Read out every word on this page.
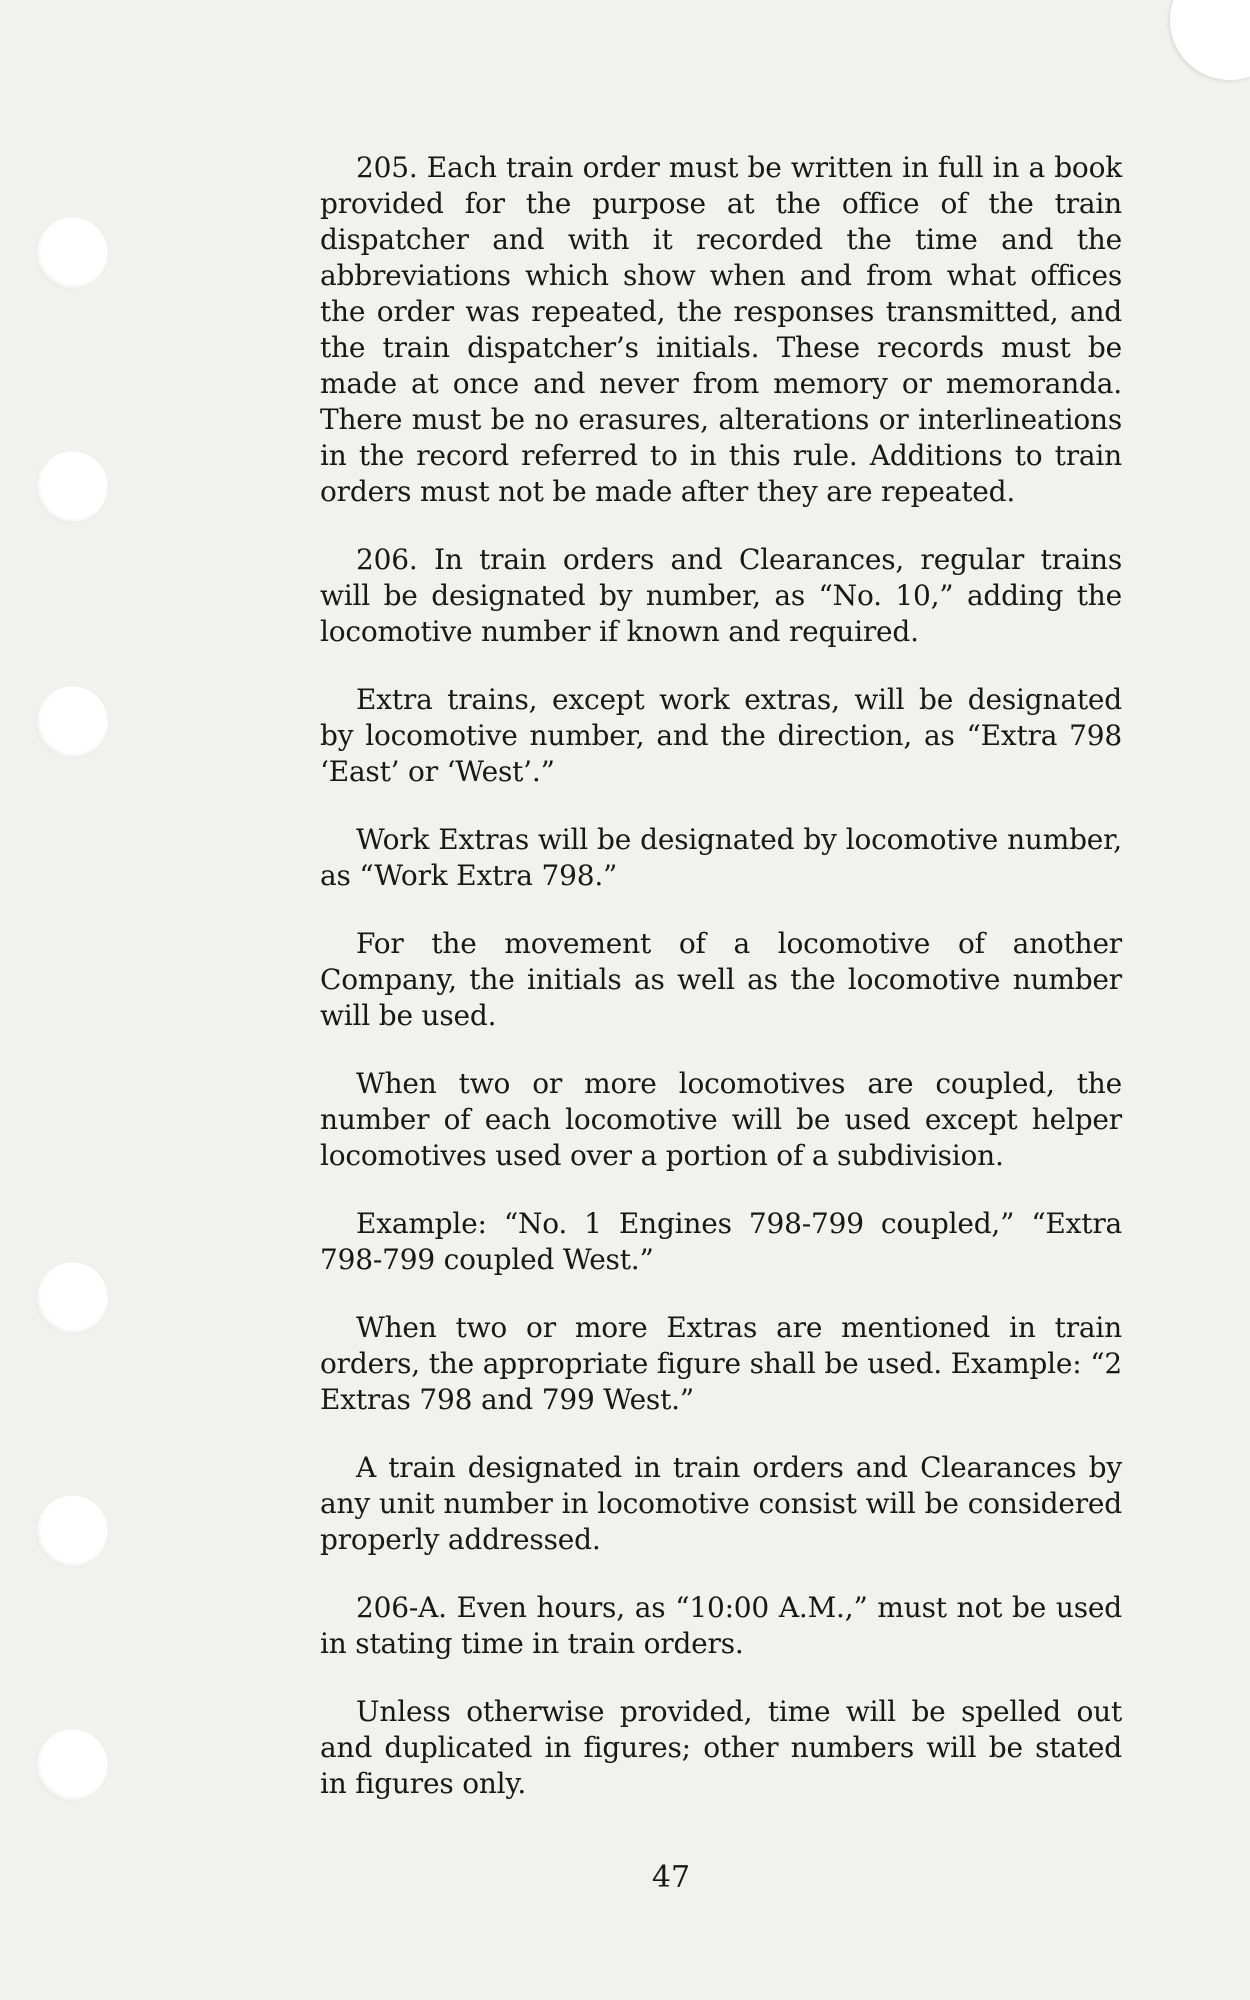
205. Each train order must be written in full in a book provided for the purpose at the office of the train dispatcher and with it recorded the time and the abbreviations which show when and from what offices the order was repeated, the responses transmitted, and the train dispatcher’s initials. These records must be made at once and never from memory or memoranda. There must be no erasures, alterations or interlineations in the record referred to in this rule. Additions to train orders must not be made after they are repeated.

206. In train orders and Clearances, regular trains will be designated by number, as “No. 10,” adding the locomotive number if known and required.

Extra trains, except work extras, will be designated by locomotive number, and the direction, as “Extra 798 ‘East’ or ‘West’.”

Work Extras will be designated by locomotive number, as “Work Extra 798.”

For the movement of a locomotive of another Company, the initials as well as the locomotive number will be used.

When two or more locomotives are coupled, the number of each locomotive will be used except helper locomotives used over a portion of a subdivision.

Example: “No. 1 Engines 798-799 coupled,” “Extra 798-799 coupled West.”

When two or more Extras are mentioned in train orders, the appropriate figure shall be used. Example: “2 Extras 798 and 799 West.”

A train designated in train orders and Clearances by any unit number in locomotive consist will be considered properly addressed.

206-A. Even hours, as “10:00 A.M.,” must not be used in stating time in train orders.

Unless otherwise provided, time will be spelled out and duplicated in figures; other numbers will be stated in figures only.

47
